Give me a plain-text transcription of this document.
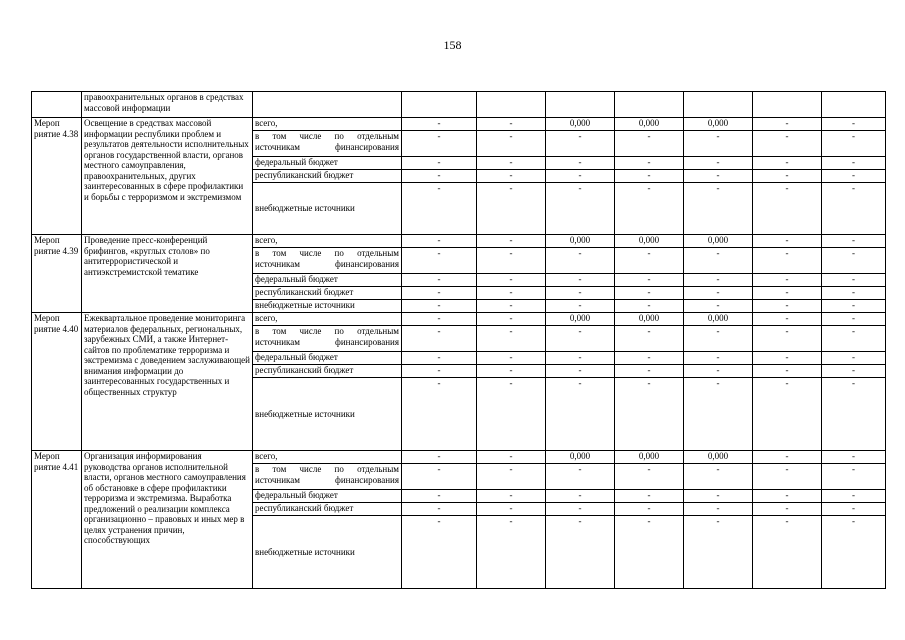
158
	правоохранительных органов в средствах массовой информации								
Мероп риятие 4.38	Освещение в средствах массовой информации республики проблем и результатов деятельности исполнительных органов государственной власти, органов местного самоуправления, правоохранительных, других заинтересованных в сфере профилактики и борьбы с терроризмом и экстремизмом	всего,	-	-	0,000	0,000	0,000	-	-
		в том числе по отдельным источникам финансирования	-	-	-	-	-	-	-
		федеральный бюджет	-	-	-	-	-	-	-
		республиканский бюджет	-	-	-	-	-	-	-
		внебюджетные источники	-	-	-	-	-	-	-
Мероп риятие 4.39	Проведение пресс-конференций брифингов, «круглых столов» по антитеррористической и антиэкстремистской тематике	всего,	-	-	0,000	0,000	0,000	-	-
		в том числе по отдельным источникам финансирования	-	-	-	-	-	-	-
		федеральный бюджет	-	-	-	-	-	-	-
		республиканский бюджет	-	-	-	-	-	-	-
		внебюджетные источники	-	-	-	-	-	-	-
Мероп риятие 4.40	Ежеквартальное проведение мониторинга материалов федеральных, региональных, зарубежных СМИ, а также Интернет-сайтов по проблематике терроризма и экстремизма с доведением заслуживающей внимания информации до заинтересованных государственных и общественных структур	всего,	-	-	0,000	0,000	0,000	-	-
		в том числе по отдельным источникам финансирования	-	-	-	-	-	-	-
		федеральный бюджет	-	-	-	-	-	-	-
		республиканский бюджет	-	-	-	-	-	-	-
		внебюджетные источники	-	-	-	-	-	-	-
Мероп риятие 4.41	Организация информирования руководства органов исполнительной власти, органов местного самоуправления об обстановке в сфере профилактики терроризма и экстремизма. Выработка предложений о реализации комплекса организационно – правовых и иных мер в целях устранения причин, способствующих	всего,	-	-	0,000	0,000	0,000	-	-
		в том числе по отдельным источникам финансирования	-	-	-	-	-	-	-
		федеральный бюджет	-	-	-	-	-	-	-
		республиканский бюджет	-	-	-	-	-	-	-
		внебюджетные источники	-	-	-	-	-	-	-
